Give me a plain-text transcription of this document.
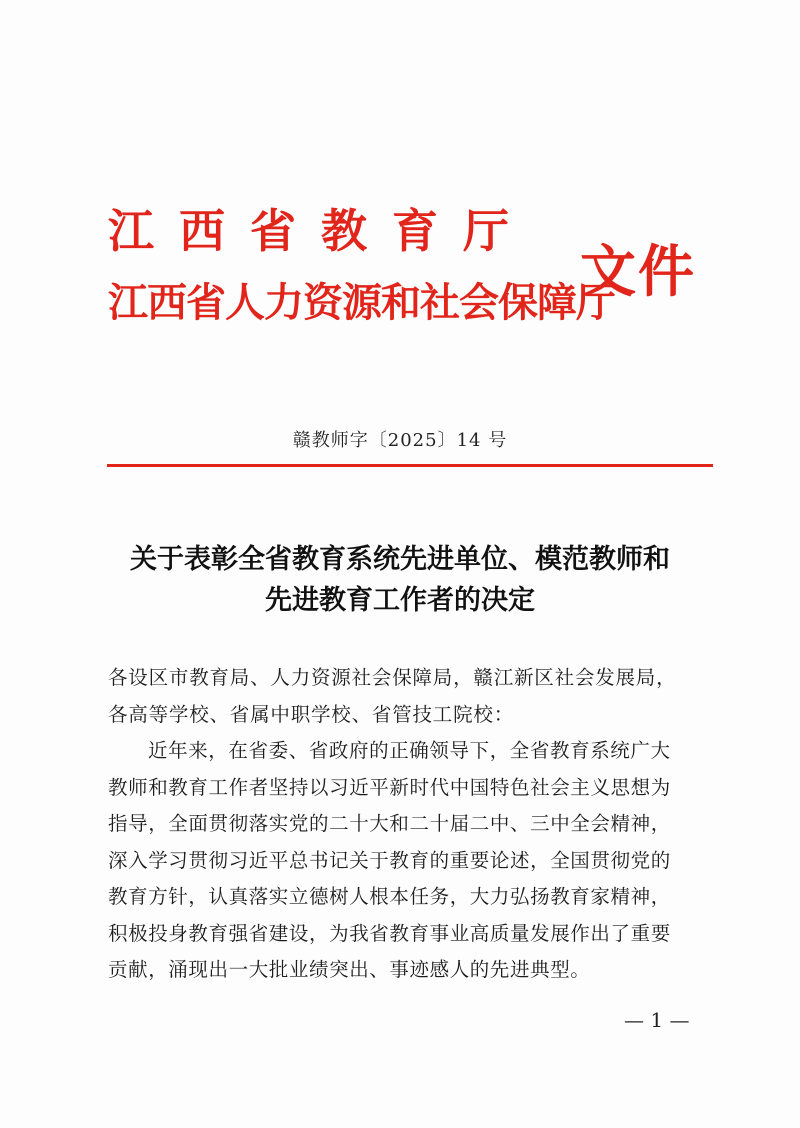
江西省教育厅
江西省人力资源和社会保障厅
文件
赣教师字〔2025〕14 号
关于表彰全省教育系统先进单位、模范教师和
先进教育工作者的决定
各设区市教育局、人力资源社会保障局，赣江新区社会发展局，
各高等学校、省属中职学校、省管技工院校：
近年来，在省委、省政府的正确领导下，全省教育系统广大
教师和教育工作者坚持以习近平新时代中国特色社会主义思想为
指导，全面贯彻落实党的二十大和二十届二中、三中全会精神，
深入学习贯彻习近平总书记关于教育的重要论述，全国贯彻党的
教育方针，认真落实立德树人根本任务，大力弘扬教育家精神，
积极投身教育强省建设，为我省教育事业高质量发展作出了重要
贡献，涌现出一大批业绩突出、事迹感人的先进典型。
— 1 —
